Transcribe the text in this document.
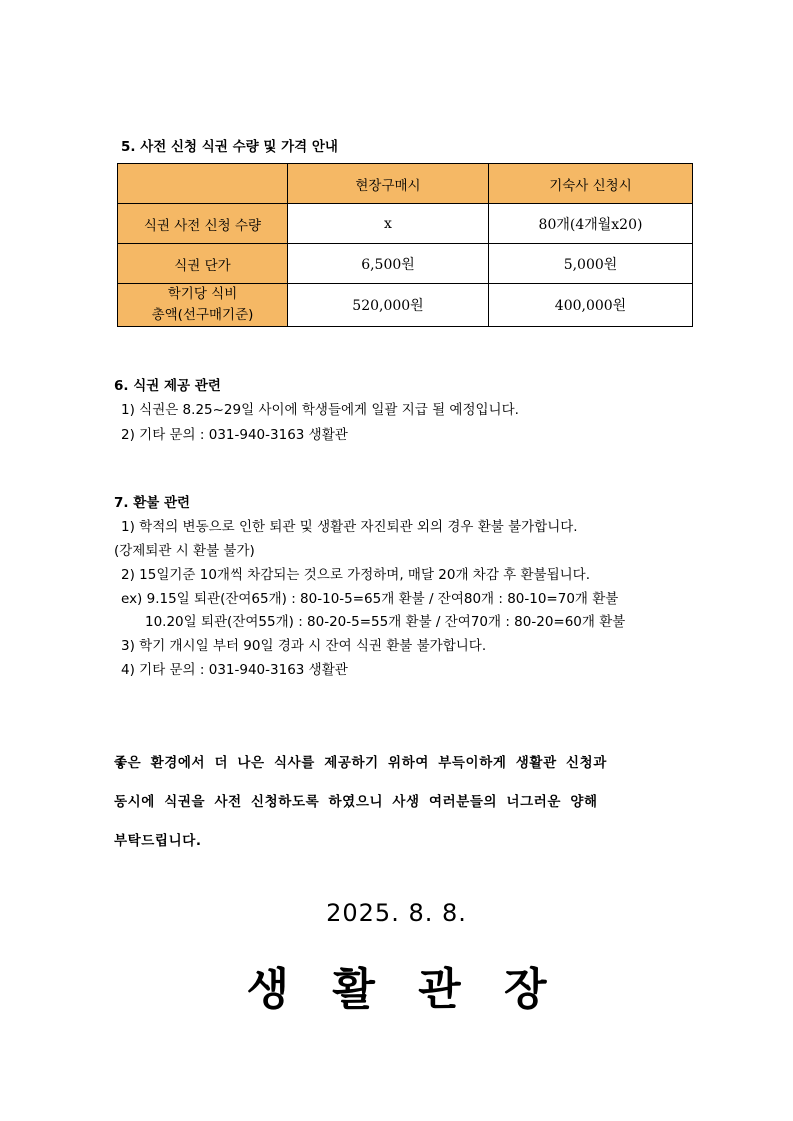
5. 사전 신청 식권 수량 및 가격 안내
	현장구매시	기숙사 신청시
식권 사전 신청 수량	x	80개(4개월x20)
식권 단가	6,500원	5,000원

학기당 식비
총액(선구매기준)	520,000원	400,000원
6. 식권 제공 관련
1) 식권은 8.25~29일 사이에 학생들에게 일괄 지급 될 예정입니다.
2) 기타 문의 : 031-940-3163 생활관
7. 환불 관련
1) 학적의 변동으로 인한 퇴관 및 생활관 자진퇴관 외의 경우 환불 불가합니다.
(강제퇴관 시 환불 불가)
2) 15일기준 10개씩 차감되는 것으로 가정하며, 매달 20개 차감 후 환불됩니다.
ex) 9.15일 퇴관(잔여65개) : 80-10-5=65개 환불 / 잔여80개 : 80-10=70개 환불
10.20일 퇴관(잔여55개) : 80-20-5=55개 환불 / 잔여70개 : 80-20=60개 환불
3) 학기 개시일 부터 90일 경과 시 잔여 식권 환불 불가합니다.
4) 기타 문의 : 031-940-3163 생활관
좋은 환경에서 더 나은 식사를 제공하기 위하여 부득이하게 생활관 신청과
동시에 식권을 사전 신청하도록 하였으니 사생 여러분들의 너그러운 양해
부탁드립니다.
2025. 8. 8.
생 활 관 장
